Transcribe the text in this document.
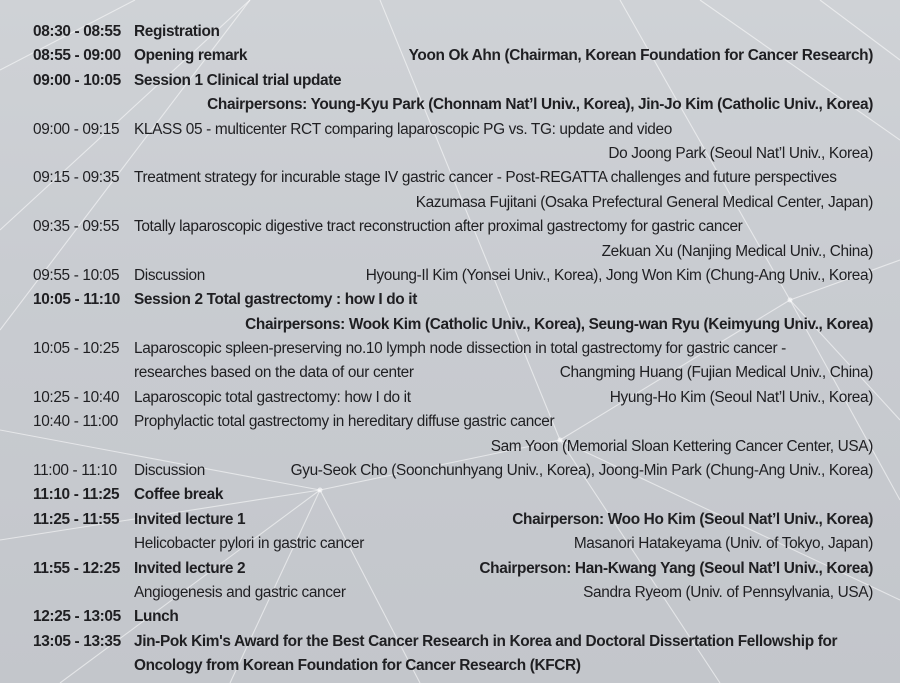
08:30 - 08:55 Registration
08:55 - 09:00 Opening remark	Yoon Ok Ahn (Chairman, Korean Foundation for Cancer Research)
09:00 - 10:05 Session 1 Clinical trial update
Chairpersons: Young-Kyu Park (Chonnam Nat’l Univ., Korea), Jin-Jo Kim (Catholic Univ., Korea)
09:00 - 09:15 KLASS 05 - multicenter RCT comparing laparoscopic PG vs. TG: update and video
Do Joong Park (Seoul Nat’l Univ., Korea)
09:15 - 09:35 Treatment strategy for incurable stage IV gastric cancer - Post-REGATTA challenges and future perspectives
Kazumasa Fujitani (Osaka Prefectural General Medical Center, Japan)
09:35 - 09:55 Totally laparoscopic digestive tract reconstruction after proximal gastrectomy for gastric cancer
Zekuan Xu (Nanjing Medical Univ., China)
09:55 - 10:05 Discussion	Hyoung-Il Kim (Yonsei Univ., Korea), Jong Won Kim (Chung-Ang Univ., Korea)
10:05 - 11:10 Session 2 Total gastrectomy : how I do it
Chairpersons: Wook Kim (Catholic Univ., Korea), Seung-wan Ryu (Keimyung Univ., Korea)
10:05 - 10:25 Laparoscopic spleen-preserving no.10 lymph node dissection in total gastrectomy for gastric cancer -
researches based on the data of our center	Changming Huang (Fujian Medical Univ., China)
10:25 - 10:40 Laparoscopic total gastrectomy: how I do it	Hyung-Ho Kim (Seoul Nat’l Univ., Korea)
10:40 - 11:00 Prophylactic total gastrectomy in hereditary diffuse gastric cancer
Sam Yoon (Memorial Sloan Kettering Cancer Center, USA)
11:00 - 11:10 Discussion	Gyu-Seok Cho (Soonchunhyang Univ., Korea), Joong-Min Park (Chung-Ang Univ., Korea)
11:10 - 11:25 Coffee break
11:25 - 11:55 Invited lecture 1	Chairperson: Woo Ho Kim (Seoul Nat’l Univ., Korea)
Helicobacter pylori in gastric cancer	Masanori Hatakeyama (Univ. of Tokyo, Japan)
11:55 - 12:25 Invited lecture 2	Chairperson: Han-Kwang Yang (Seoul Nat’l Univ., Korea)
Angiogenesis and gastric cancer	Sandra Ryeom (Univ. of Pennsylvania, USA)
12:25 - 13:05 Lunch
13:05 - 13:35 Jin-Pok Kim's Award for the Best Cancer Research in Korea and Doctoral Dissertation Fellowship for
Oncology from Korean Foundation for Cancer Research (KFCR)
